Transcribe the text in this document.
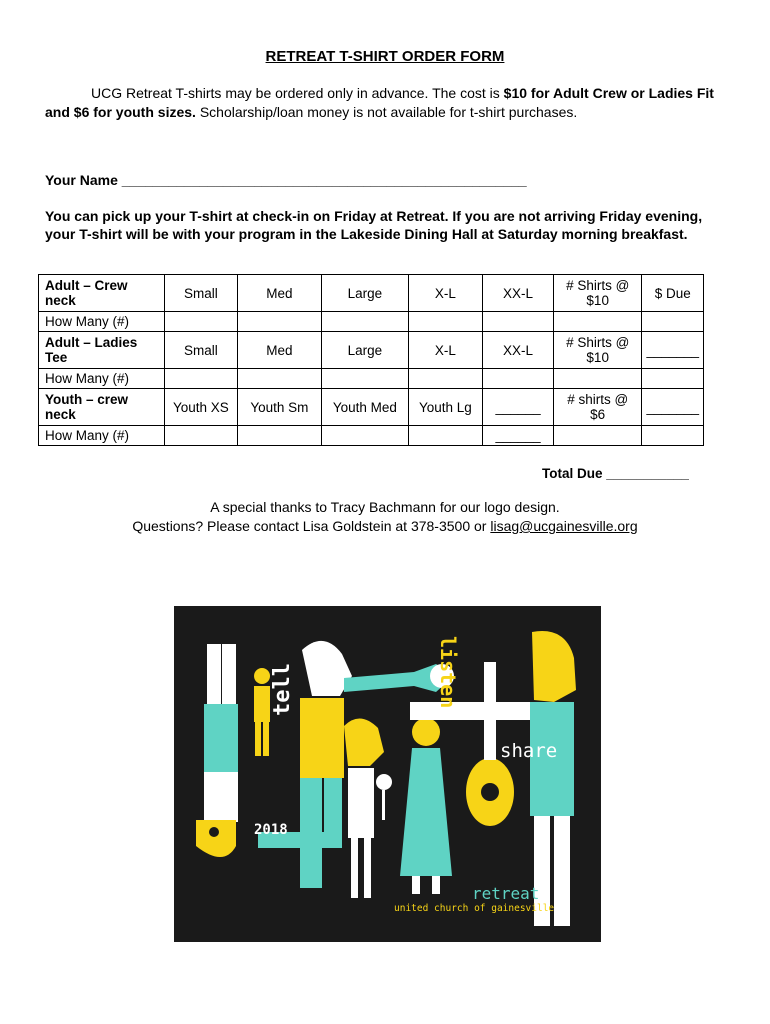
RETREAT T-SHIRT ORDER FORM
UCG Retreat T-shirts may be ordered only in advance. The cost is $10 for Adult Crew or Ladies Fit and $6 for youth sizes. Scholarship/loan money is not available for t-shirt purchases.
Your Name ____________________________________________________
You can pick up your T-shirt at check-in on Friday at Retreat. If you are not arriving Friday evening, your T-shirt will be with your program in the Lakeside Dining Hall at Saturday morning breakfast.
Adult – Crew neck	Small	Med	Large	X-L	XX-L	# Shirts @ $10	$ Due
How Many (#)							
Adult – Ladies Tee	Small	Med	Large	X-L	XX-L	# Shirts @ $10	_______
How Many (#)							
Youth – crew neck	Youth XS	Youth Sm	Youth Med	Youth Lg	______	# shirts @ $6	_______
How Many (#)					______		
Total Due ___________
A special thanks to Tracy Bachmann for our logo design.
Questions? Please contact Lisa Goldstein at 378-3500 or lisag@ucgainesville.org
tell	listen
share
2018
retreat
united church of gainesville
